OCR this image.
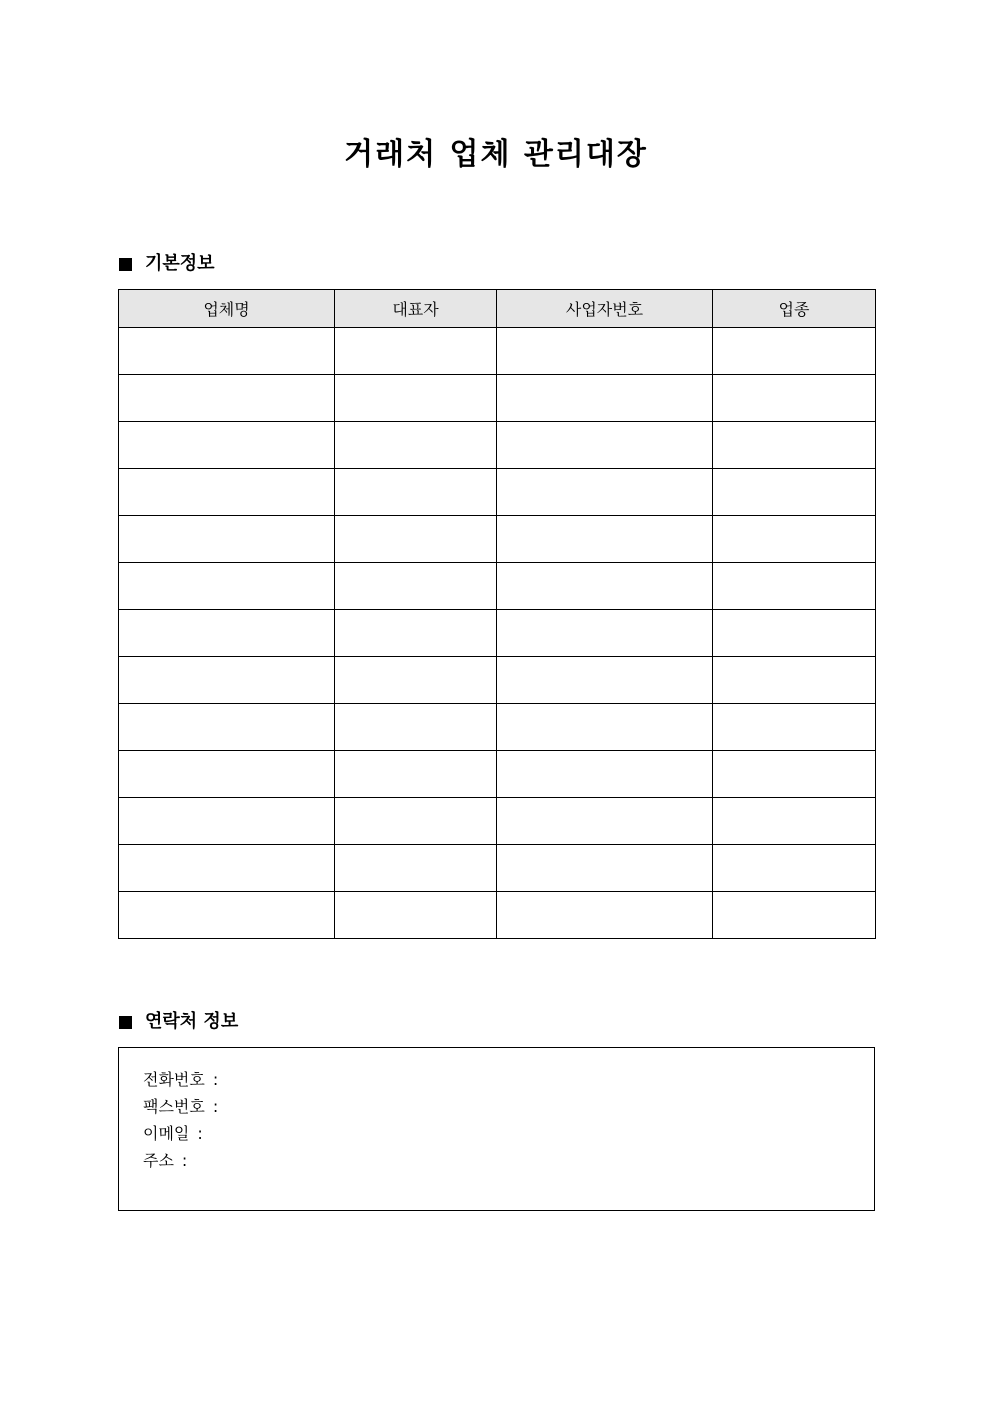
거래처 업체 관리대장
기본정보
업체명	대표자	사업자번호	업종

연락처 정보
전화번호 :
팩스번호 :
이메일 :
주소 :
